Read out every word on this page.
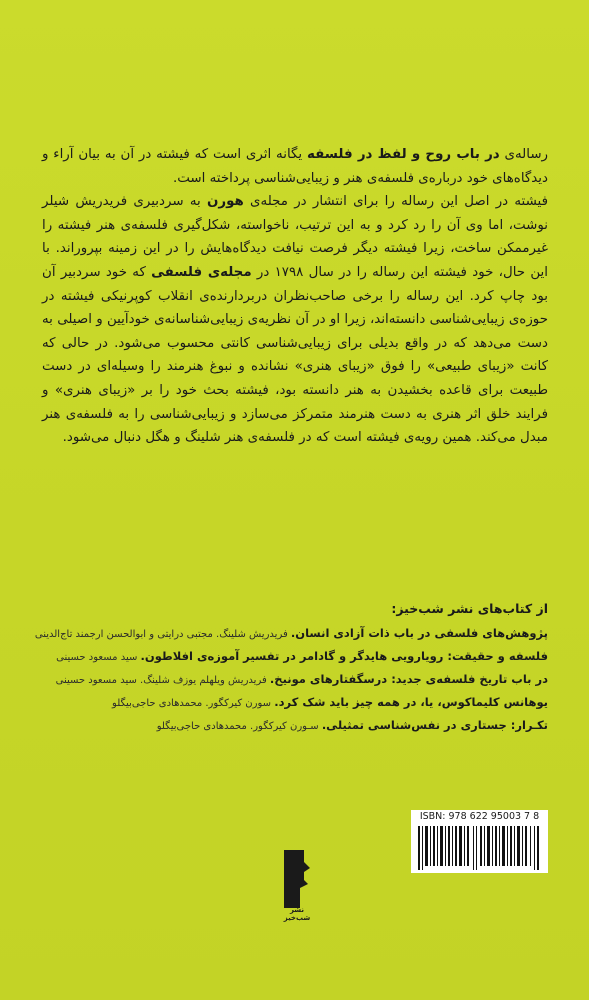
رساله‌ی در باب روح و لفظ در فلسفه یگانه اثری است که فیشته در آن به بیان آراء و دیدگاه‌های خود درباره‌ی فلسفه‌ی هنر و زیبایی‌شناسی پرداخته است.

فیشته در اصل این رساله را برای انتشار در مجله‌ی هورن به سردبیری فریدریش شیلر نوشت، اما وی آن را رد کرد و به این ترتیب، ناخواسته، شکل‌گیری فلسفه‌ی هنر فیشته را غیرممکن ساخت، زیرا فیشته دیگر فرصت نیافت دیدگاه‌هایش را در این زمینه بپروراند. با این حال، خود فیشته این رساله را در سال ۱۷۹۸ در مجله‌ی فلسفی که خود سردبیر آن بود چاپ کرد. این رساله را برخی صاحب‌نظران دربردارنده‌ی انقلاب کوپرنیکی فیشته در حوزه‌ی زیبایی‌شناسی دانسته‌اند، زیرا او در آن نظریه‌ی زیبایی‌شناسانه‌ی خودآیین و اصیلی به دست می‌دهد که در واقع بدیلی برای زیبایی‌شناسی کانتی محسوب می‌شود. در حالی که کانت «زیبای طبیعی» را فوق «زیبای هنری» نشانده و نبوغ هنرمند را وسیله‌ای در دست طبیعت برای قاعده بخشیدن به هنر دانسته بود، فیشته بحث خود را بر «زیبای هنری» و فرایند خلق اثر هنری به دست هنرمند متمرکز می‌سازد و زیبایی‌شناسی را به فلسفه‌ی هنر مبدل می‌کند. همین رویه‌ی فیشته است که در فلسفه‌ی هنر شلینگ و هگل دنبال می‌شود.

از کتاب‌های نشر شب‌خیز:
پژوهش‌های فلسفی در باب ذات آزادی انسان. فریدریش شلینگ. مجتبی درایتی و ابوالحسن ارجمند تاج‌الدینی
فلسفه و حقیقت: رویارویی هایدگر و گادامر در تفسیر آموزه‌ی افلاطون. سید مسعود حسینی
در باب تاریخ فلسفه‌ی جدید: درسگفتارهای مونیخ. فریدریش ویلهلم یوزف شلینگ. سید مسعود حسینی
یوهانس کلیماکوس، یا، در همه چیز باید شک کرد. سورن کیرکگور. محمدهادی حاجی‌بیگلو
تکـرار: جستاری در نفس‌شناسی تمثیلی. سـورن کیرکگور. محمدهادی حاجی‌بیگلو
ISBN: 978 622 95003 7 8
نشر شب‌خیز
